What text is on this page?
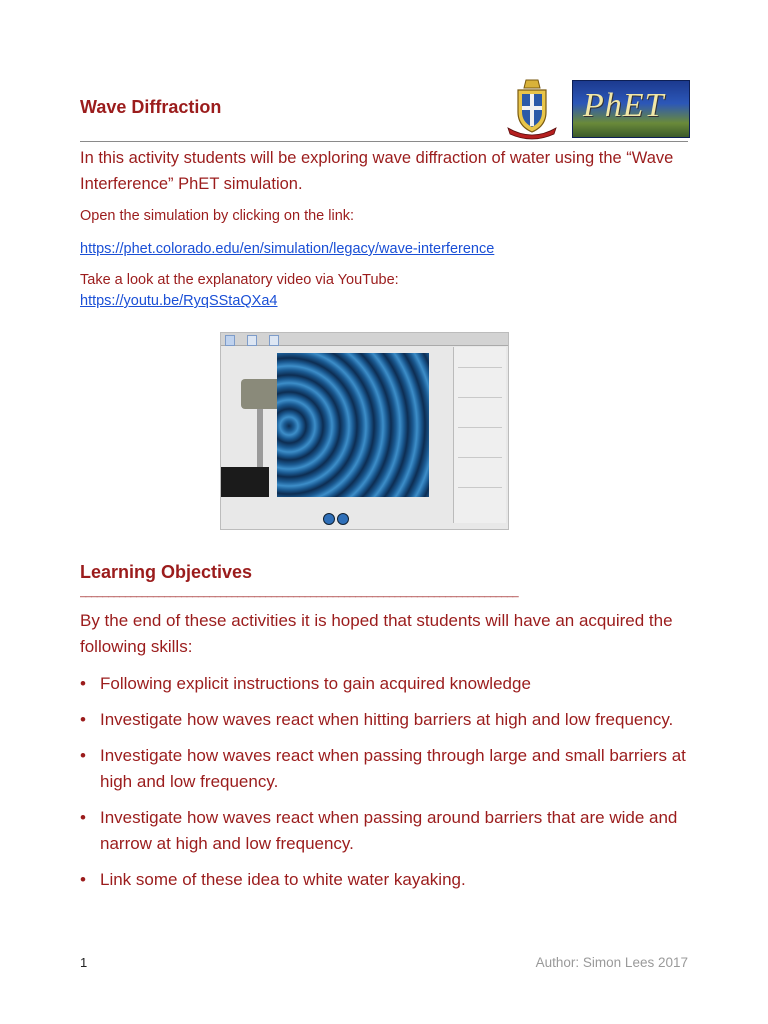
Wave Diffraction	PhET
In this activity students will be exploring wave diffraction of water using the “Wave Interference” PhET simulation.
Open the simulation by clicking on the link:
https://phet.colorado.edu/en/simulation/legacy/wave-interference
Take a look at the explanatory video via YouTube:
https://youtu.be/RyqSStaQXa4
Learning Objectives
______________________________________________________________________________
By the end of these activities it is hoped that students will have an acquired the following skills:
• Following explicit instructions to gain acquired knowledge
• Investigate how waves react when hitting barriers at high and low frequency.
• Investigate how waves react when passing through large and small barriers at high and low frequency.
• Investigate how waves react when passing around barriers that are wide and narrow at high and low frequency.
• Link some of these idea to white water kayaking.
1	Author: Simon Lees 2017
